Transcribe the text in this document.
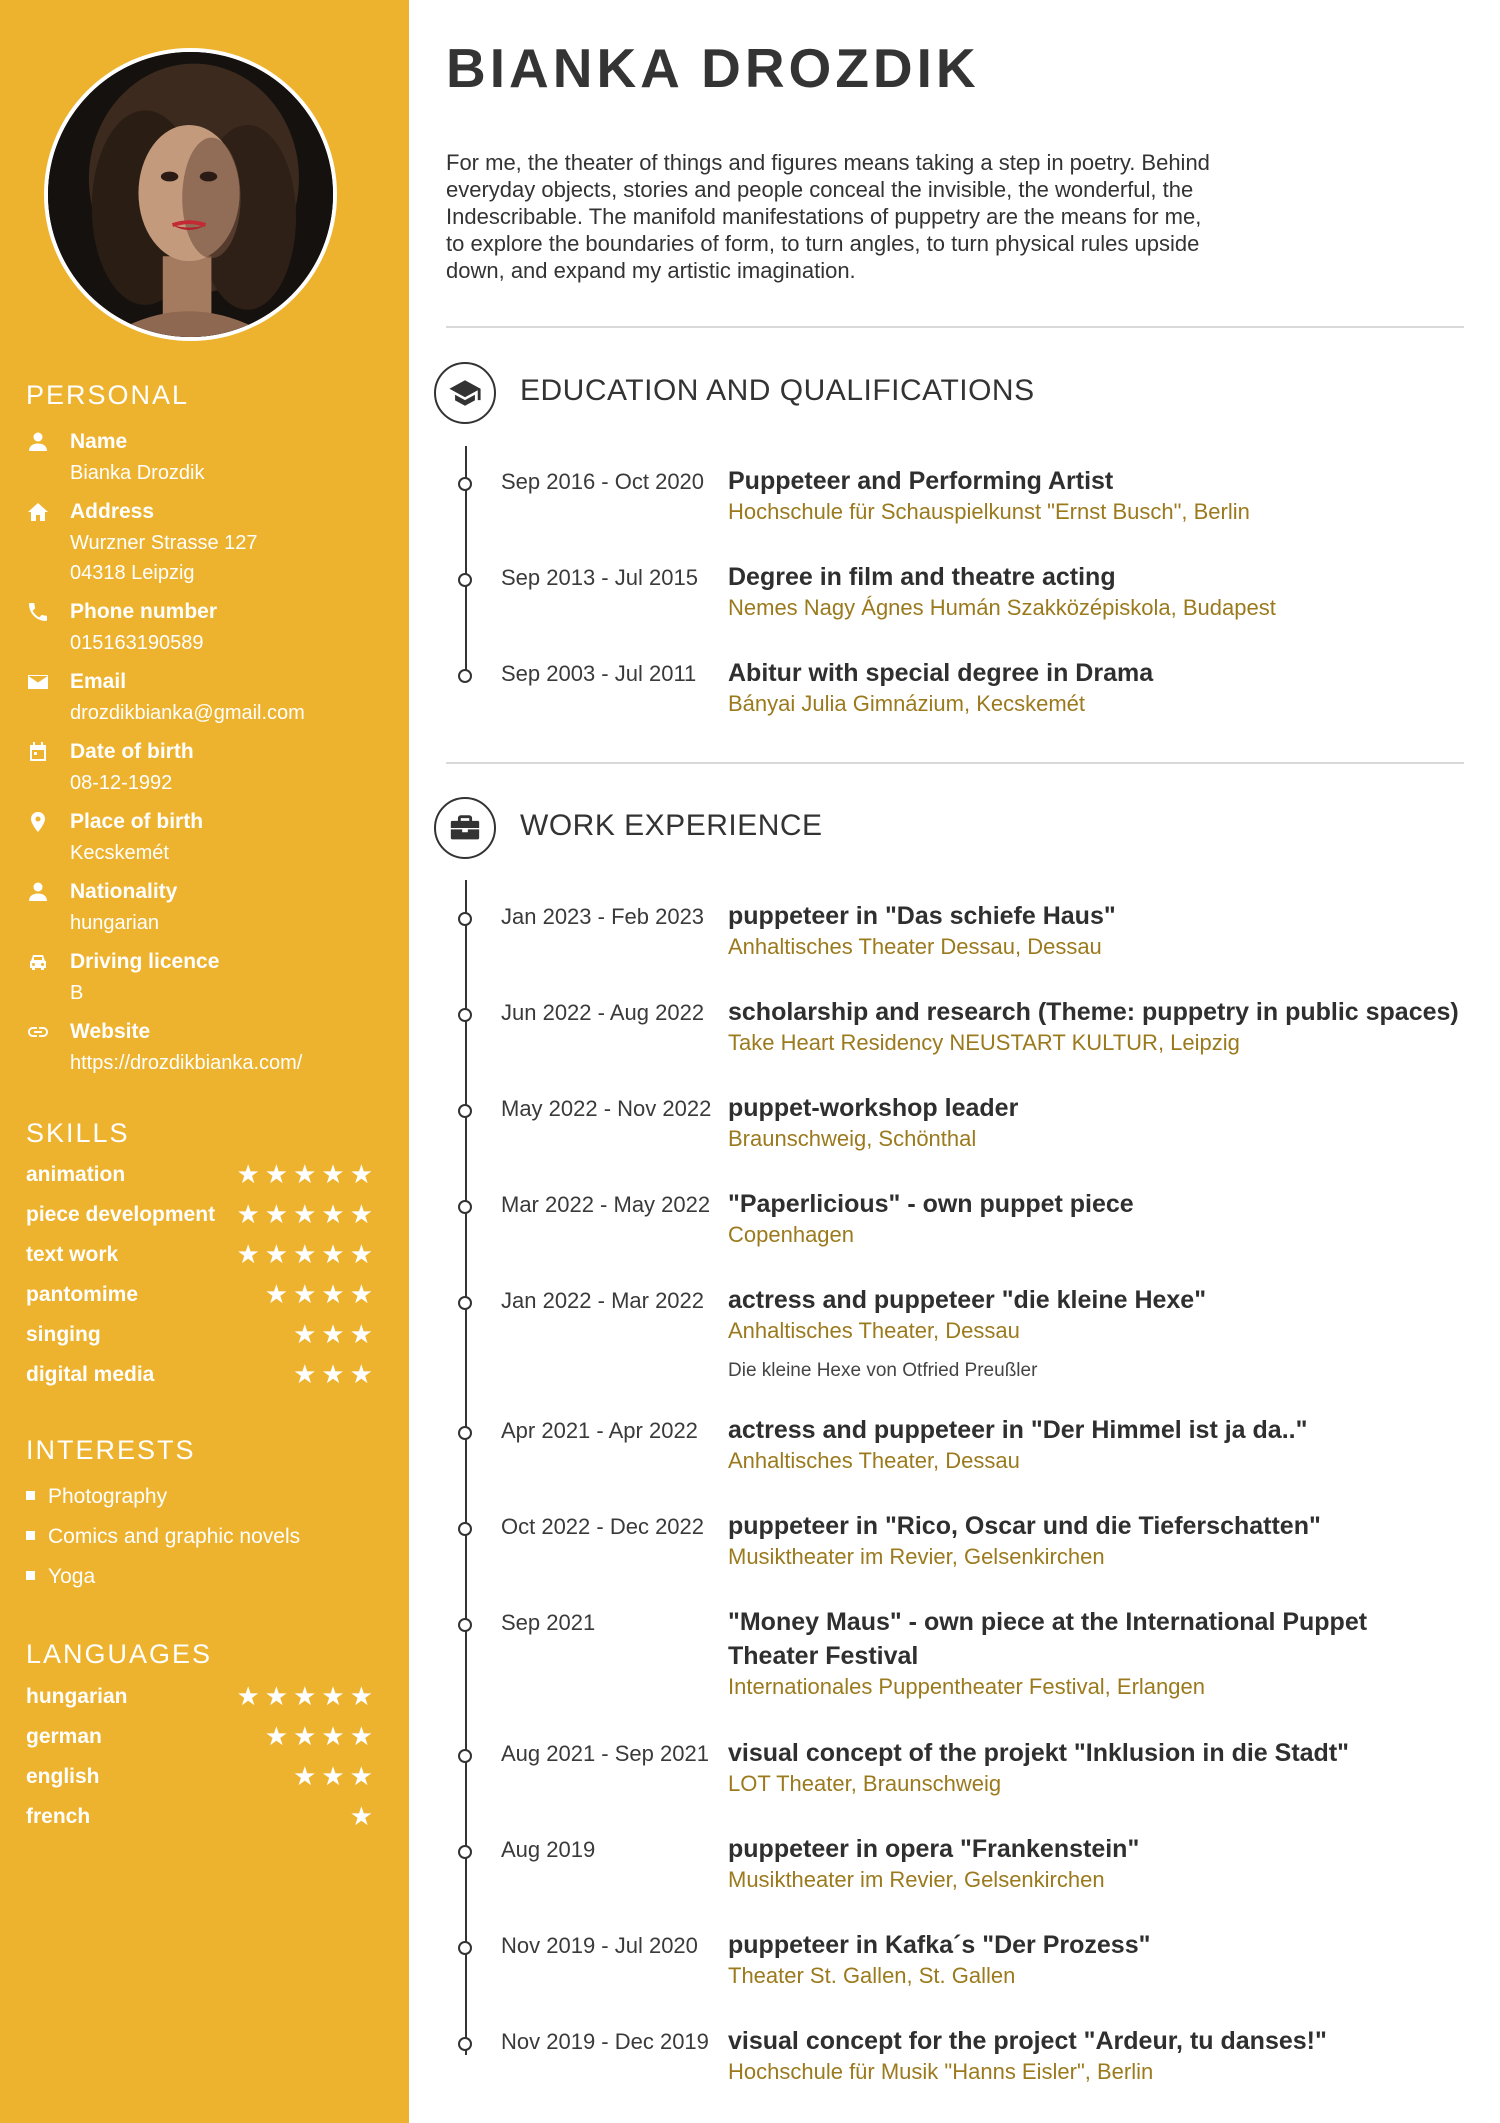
PERSONAL
Name
Bianka Drozdik
Address
Wurzner Strasse 127
04318 Leipzig
Phone number
015163190589
Email
drozdikbianka@gmail.com
Date of birth
08-12-1992
Place of birth
Kecskemét
Nationality
hungarian
Driving licence
B
Website
https://drozdikbianka.com/
SKILLS
animation	★★★★★
piece development ★★★★★
text work	★★★★★
pantomime	★★★★
singing	★★★
digital media	★★★
INTERESTS
Photography
Comics and graphic novels
Yoga
LANGUAGES
hungarian	★★★★★
german	★★★★
english	★★★
french	★
BIANKA DROZDIK
For me, the theater of things and figures means taking a step in poetry. Behind everyday objects, stories and people conceal the invisible, the wonderful, the Indescribable. The manifold manifestations of puppetry are the means for me, to explore the boundaries of form, to turn angles, to turn physical rules upside down, and expand my artistic imagination.
EDUCATION AND QUALIFICATIONS
Sep 2016 - Oct 2020 Puppeteer and Performing Artist
Hochschule für Schauspielkunst "Ernst Busch", Berlin
Sep 2013 - Jul 2015 Degree in film and theatre acting
Nemes Nagy Ágnes Humán Szakközépiskola, Budapest
Sep 2003 - Jul 2011 Abitur with special degree in Drama
Bányai Julia Gimnázium, Kecskemét
WORK EXPERIENCE
Jan 2023 - Feb 2023 puppeteer in "Das schiefe Haus"
Anhaltisches Theater Dessau, Dessau
Jun 2022 - Aug 2022 scholarship and research (Theme: puppetry in public spaces)
Take Heart Residency NEUSTART KULTUR, Leipzig
May 2022 - Nov 2022 puppet-workshop leader
Braunschweig, Schönthal
Mar 2022 - May 2022 "Paperlicious" - own puppet piece
Copenhagen
Jan 2022 - Mar 2022 actress and puppeteer "die kleine Hexe"
Anhaltisches Theater, Dessau
Die kleine Hexe von Otfried Preußler
Apr 2021 - Apr 2022 actress and puppeteer in "Der Himmel ist ja da.."
Anhaltisches Theater, Dessau
Oct 2022 - Dec 2022 puppeteer in "Rico, Oscar und die Tieferschatten"
Musiktheater im Revier, Gelsenkirchen
Sep 2021	"Money Maus" - own piece at the International Puppet Theater Festival
Internationales Puppentheater Festival, Erlangen
Aug 2021 - Sep 2021 visual concept of the projekt "Inklusion in die Stadt"
LOT Theater, Braunschweig
Aug 2019	puppeteer in opera "Frankenstein"
Musiktheater im Revier, Gelsenkirchen
Nov 2019 - Jul 2020 puppeteer in Kafka´s "Der Prozess"
Theater St. Gallen, St. Gallen
Nov 2019 - Dec 2019 visual concept for the project "Ardeur, tu danses!"
Hochschule für Musik "Hanns Eisler", Berlin
